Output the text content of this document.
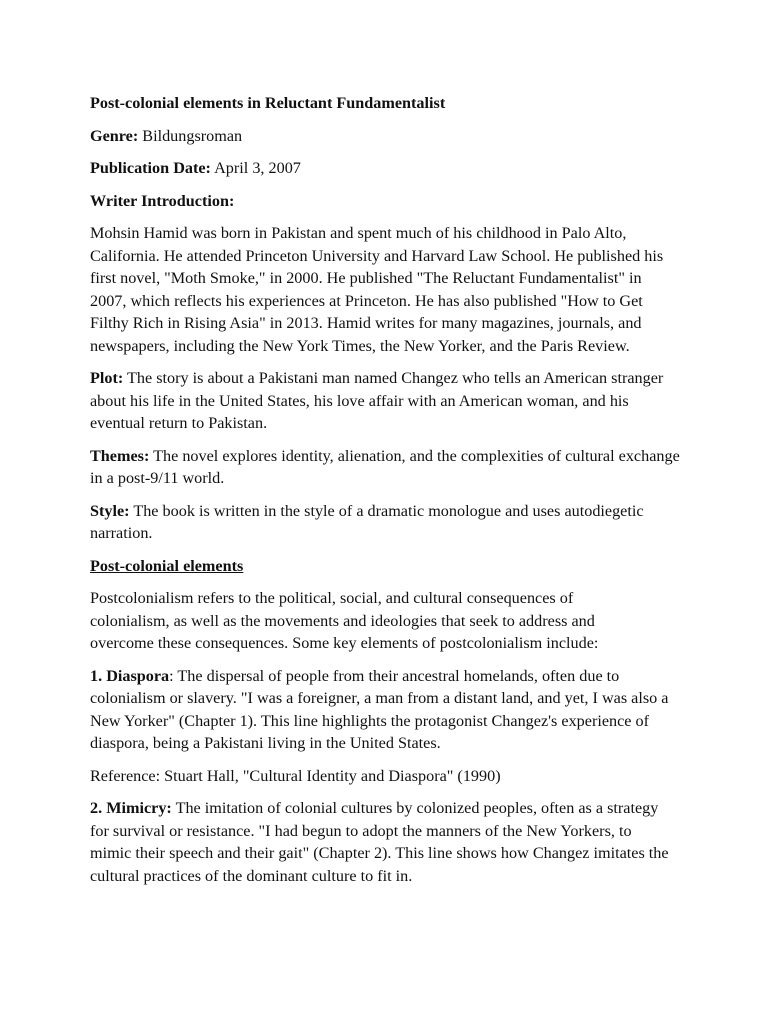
Post-colonial elements in Reluctant Fundamentalist

Genre: Bildungsroman

Publication Date: April 3, 2007

Writer Introduction:

Mohsin Hamid was born in Pakistan and spent much of his childhood in Palo Alto, California. He attended Princeton University and Harvard Law School. He published his first novel, "Moth Smoke," in 2000. He published "The Reluctant Fundamentalist" in 2007, which reflects his experiences at Princeton. He has also published "How to Get Filthy Rich in Rising Asia" in 2013. Hamid writes for many magazines, journals, and newspapers, including the New York Times, the New Yorker, and the Paris Review.

Plot: The story is about a Pakistani man named Changez who tells an American stranger about his life in the United States, his love affair with an American woman, and his eventual return to Pakistan.

Themes: The novel explores identity, alienation, and the complexities of cultural exchange in a post-9/11 world.

Style: The book is written in the style of a dramatic monologue and uses autodiegetic narration.

Post-colonial elements

Postcolonialism refers to the political, social, and cultural consequences of colonialism, as well as the movements and ideologies that seek to address and overcome these consequences. Some key elements of postcolonialism include:

1. Diaspora: The dispersal of people from their ancestral homelands, often due to colonialism or slavery. "I was a foreigner, a man from a distant land, and yet, I was also a New Yorker" (Chapter 1). This line highlights the protagonist Changez's experience of diaspora, being a Pakistani living in the United States.

Reference: Stuart Hall, "Cultural Identity and Diaspora" (1990)

2. Mimicry: The imitation of colonial cultures by colonized peoples, often as a strategy for survival or resistance. "I had begun to adopt the manners of the New Yorkers, to mimic their speech and their gait" (Chapter 2). This line shows how Changez imitates the cultural practices of the dominant culture to fit in.
